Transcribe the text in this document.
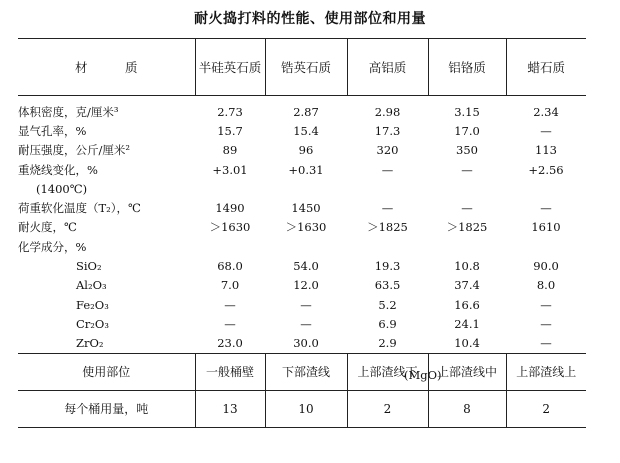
耐火捣打料的性能、使用部位和用量
材　　　质	半硅英石质	锆英石质	高铝质	铝铬质	蜡石质
体积密度，克/厘米³	2.73	2.87	2.98	3.15	2.34
显气孔率，%	15.7	15.4	17.3	17.0	—
耐压强度，公斤/厘米²	89	96	320	350	113
重烧线变化，%	+3.01	+0.31	—	—	+2.56
(1400℃)					
荷重软化温度（T₂），℃	1490	1450	—	—	—
耐火度，℃	＞1630	＞1630	＞1825	＞1825	1610
化学成分，%					
SiO₂	68.0	54.0	19.3	10.8	90.0
Al₂O₃	7.0	12.0	63.5	37.4	8.0
Fe₂O₃	—	—	5.2	16.6	—
Cr₂O₃	—	—	6.9	24.1	—
ZrO₂	23.0	30.0	2.9	10.4	—
使用部位	一般桶壁	下部渣线	上部渣线下	上部渣线中	上部渣线上
每个桶用量，吨	13	10	2	8	2
(MgO)
